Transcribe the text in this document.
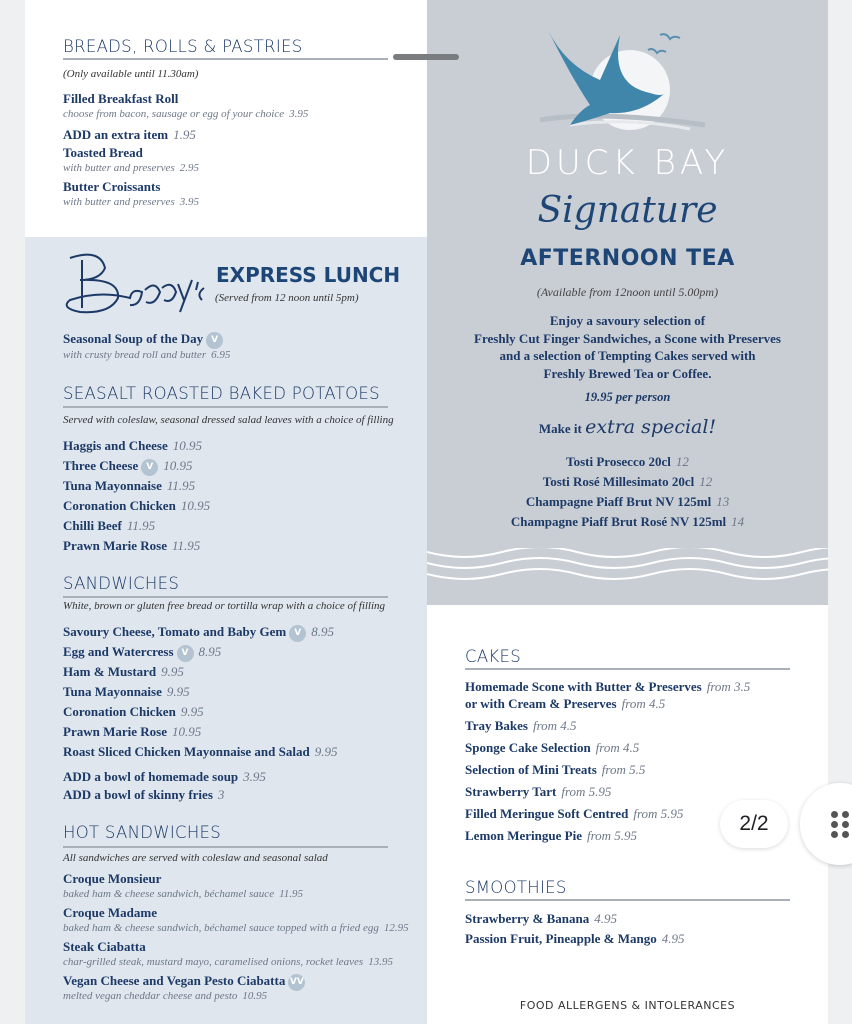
BREADS, ROLLS & PASTRIES
(Only available until 11.30am)
Filled Breakfast Roll
choose from bacon, sausage or egg of your choice 3.95
ADD an extra item 1.95
Toasted Bread
with butter and preserves 2.95
Butter Croissants
with butter and preserves 3.95
EXPRESS LUNCH
(Served from 12 noon until 5pm)
Seasonal Soup of the Day V
with crusty bread roll and butter 6.95
SEASALT ROASTED BAKED POTATOES
Served with coleslaw, seasonal dressed salad leaves with a choice of filling
Haggis and Cheese 10.95
Three Cheese V 10.95
Tuna Mayonnaise 11.95
Coronation Chicken 10.95
Chilli Beef 11.95
Prawn Marie Rose 11.95
SANDWICHES
White, brown or gluten free bread or tortilla wrap with a choice of filling
Savoury Cheese, Tomato and Baby Gem V 8.95
Egg and Watercress V 8.95
Ham & Mustard 9.95
Tuna Mayonnaise 9.95
Coronation Chicken 9.95
Prawn Marie Rose 10.95
Roast Sliced Chicken Mayonnaise and Salad 9.95
ADD a bowl of homemade soup 3.95
ADD a bowl of skinny fries 3
HOT SANDWICHES
All sandwiches are served with coleslaw and seasonal salad
Croque Monsieur
baked ham & cheese sandwich, béchamel sauce 11.95
Croque Madame
baked ham & cheese sandwich, béchamel sauce topped with a fried egg 12.95
Steak Ciabatta
char-grilled steak, mustard mayo, caramelised onions, rocket leaves 13.95
Vegan Cheese and Vegan Pesto Ciabatta VV
melted vegan cheddar cheese and pesto 10.95
DUCK BAY
Signature
AFTERNOON TEA
(Available from 12noon until 5.00pm)
Enjoy a savoury selection of
Freshly Cut Finger Sandwiches, a Scone with Preserves
and a selection of Tempting Cakes served with
Freshly Brewed Tea or Coffee.
19.95 per person
Make it extra special!
Tosti Prosecco 20cl 12
Tosti Rosé Millesimato 20cl 12
Champagne Piaff Brut NV 125ml 13
Champagne Piaff Brut Rosé NV 125ml 14
CAKES
Homemade Scone with Butter & Preserves from 3.5
or with Cream & Preserves from 4.5
Tray Bakes from 4.5
Sponge Cake Selection from 4.5
Selection of Mini Treats from 5.5
Strawberry Tart from 5.95
Filled Meringue Soft Centred from 5.95
Lemon Meringue Pie from 5.95
SMOOTHIES
Strawberry & Banana 4.95
Passion Fruit, Pineapple & Mango 4.95
FOOD ALLERGENS & INTOLERANCES
2/2
